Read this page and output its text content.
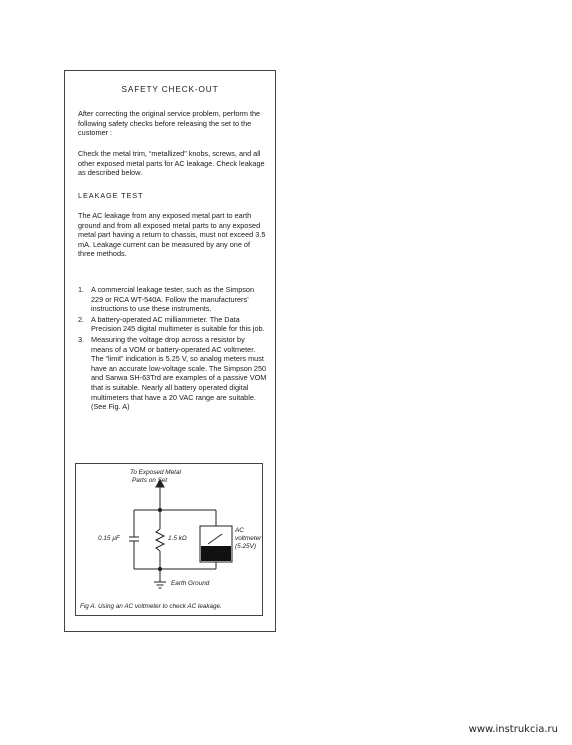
SAFETY CHECK-OUT
After correcting the original service problem, perform the following safety checks before releasing the set to the customer :
Check the metal trim, “metallized” knobs, screws, and all other exposed metal parts for AC leakage. Check leakage as described below.
LEAKAGE TEST
The AC leakage from any exposed metal part to earth ground and from all exposed metal parts to any exposed metal part having a return to chassis, must not exceed 3.5 mA. Leakage current can be measured by any one of three methods.
1. A commercial leakage tester, such as the Simpson 229 or RCA WT-540A. Follow the manufacturers’ instructions to use these instruments.
2. A battery-operated AC milliammeter. The Data Precision 245 digital multimeter is suitable for this job.
3. Measuring the voltage drop across a resistor by means of a VOM or battery-operated AC voltmeter. The “limit” indication is 5.25 V, so analog meters must have an accurate low-voltage scale. The Simpson 250 and Sanwa SH-63Trd are examples of a passive VOM that is suitable. Nearly all battery operated digital multimeters that have a 20 VAC range are suitable. (See Fig. A)
To Exposed Metal
Parts on Set
0.15 µF	1.5 kΩ
AC
voltmeter
(5.25V)
Earth Ground
Fig A. Using an AC voltmeter to check AC leakage.
www.instrukcia.ru
